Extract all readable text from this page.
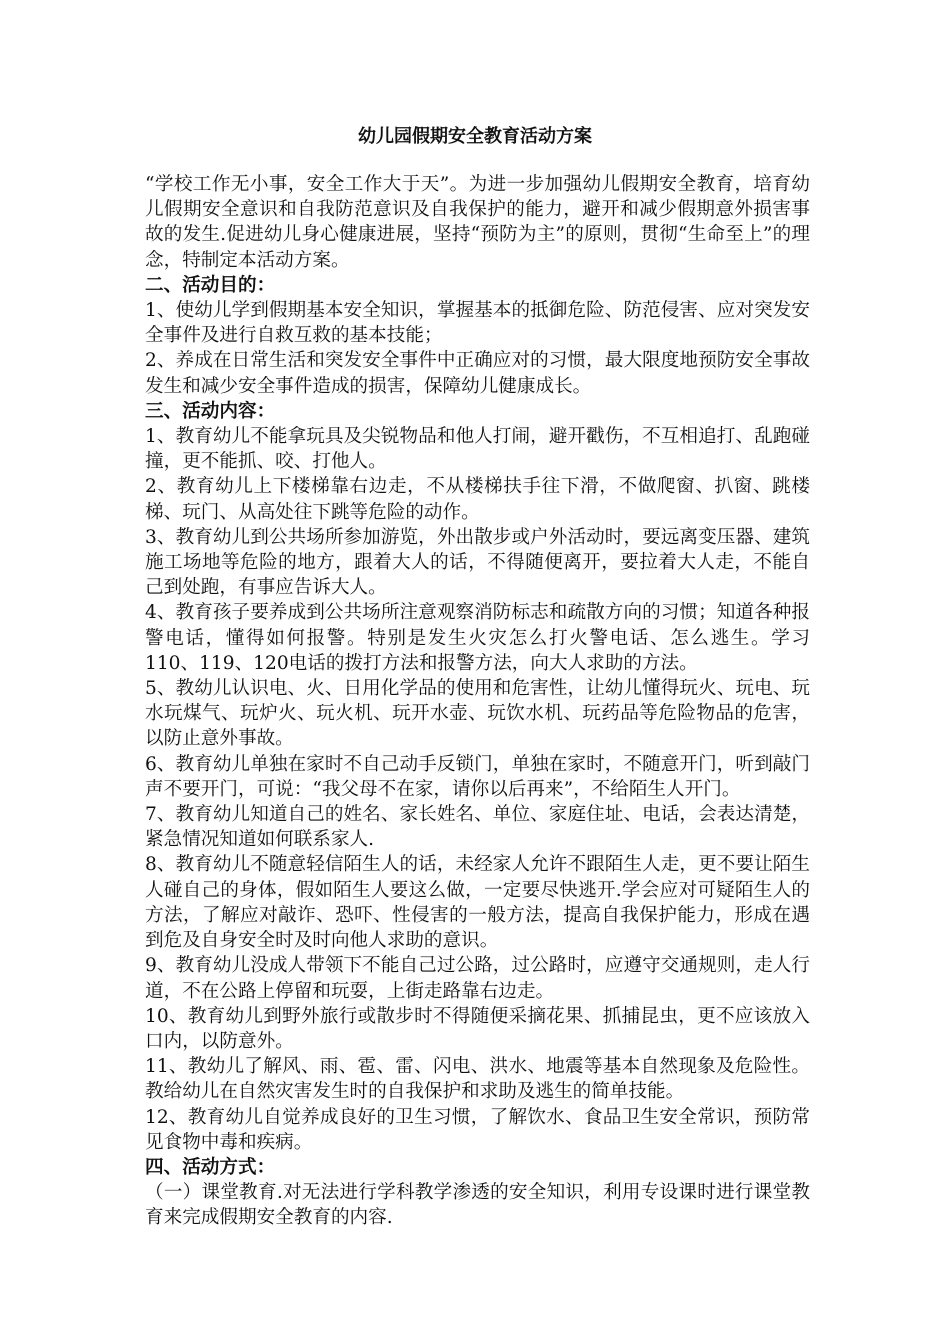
幼儿园假期安全教育活动方案

“学校工作无小事，安全工作大于天”。为进一步加强幼儿假期安全教育，培育幼儿假期安全意识和自我防范意识及自我保护的能力，避开和减少假期意外损害事故的发生.促进幼儿身心健康进展，坚持“预防为主”的原则，贯彻“生命至上”的理念，特制定本活动方案。

二、活动目的：

1、使幼儿学到假期基本安全知识，掌握基本的抵御危险、防范侵害、应对突发安全事件及进行自救互救的基本技能；

2、养成在日常生活和突发安全事件中正确应对的习惯，最大限度地预防安全事故发生和减少安全事件造成的损害，保障幼儿健康成长。

三、活动内容：

1、教育幼儿不能拿玩具及尖锐物品和他人打闹，避开戳伤，不互相追打、乱跑碰撞，更不能抓、咬、打他人。

2、教育幼儿上下楼梯靠右边走，不从楼梯扶手往下滑，不做爬窗、扒窗、跳楼梯、玩门、从高处往下跳等危险的动作。

3、教育幼儿到公共场所参加游览，外出散步或户外活动时，要远离变压器、建筑施工场地等危险的地方，跟着大人的话，不得随便离开，要拉着大人走，不能自己到处跑，有事应告诉大人。

4、教育孩子要养成到公共场所注意观察消防标志和疏散方向的习惯；知道各种报警电话，懂得如何报警。特别是发生火灾怎么打火警电话、怎么逃生。学习110、119、120电话的拨打方法和报警方法，向大人求助的方法。

5、教幼儿认识电、火、日用化学品的使用和危害性，让幼儿懂得玩火、玩电、玩水玩煤气、玩炉火、玩火机、玩开水壶、玩饮水机、玩药品等危险物品的危害，以防止意外事故。

6、教育幼儿单独在家时不自己动手反锁门，单独在家时，不随意开门，听到敲门声不要开门，可说：“我父母不在家，请你以后再来”，不给陌生人开门。

7、教育幼儿知道自己的姓名、家长姓名、单位、家庭住址、电话，会表达清楚，紧急情况知道如何联系家人.

8、教育幼儿不随意轻信陌生人的话，未经家人允许不跟陌生人走，更不要让陌生人碰自己的身体，假如陌生人要这么做，一定要尽快逃开.学会应对可疑陌生人的方法，了解应对敲诈、恐吓、性侵害的一般方法，提高自我保护能力，形成在遇到危及自身安全时及时向他人求助的意识。

9、教育幼儿没成人带领下不能自己过公路，过公路时，应遵守交通规则，走人行道，不在公路上停留和玩耍，上街走路靠右边走。

10、教育幼儿到野外旅行或散步时不得随便采摘花果、抓捕昆虫，更不应该放入口内，以防意外。

11、教幼儿了解风、雨、雹、雷、闪电、洪水、地震等基本自然现象及危险性。教给幼儿在自然灾害发生时的自我保护和求助及逃生的简单技能。

12、教育幼儿自觉养成良好的卫生习惯，了解饮水、食品卫生安全常识，预防常见食物中毒和疾病。

四、活动方式：

（一）课堂教育.对无法进行学科教学渗透的安全知识，利用专设课时进行课堂教育来完成假期安全教育的内容.
